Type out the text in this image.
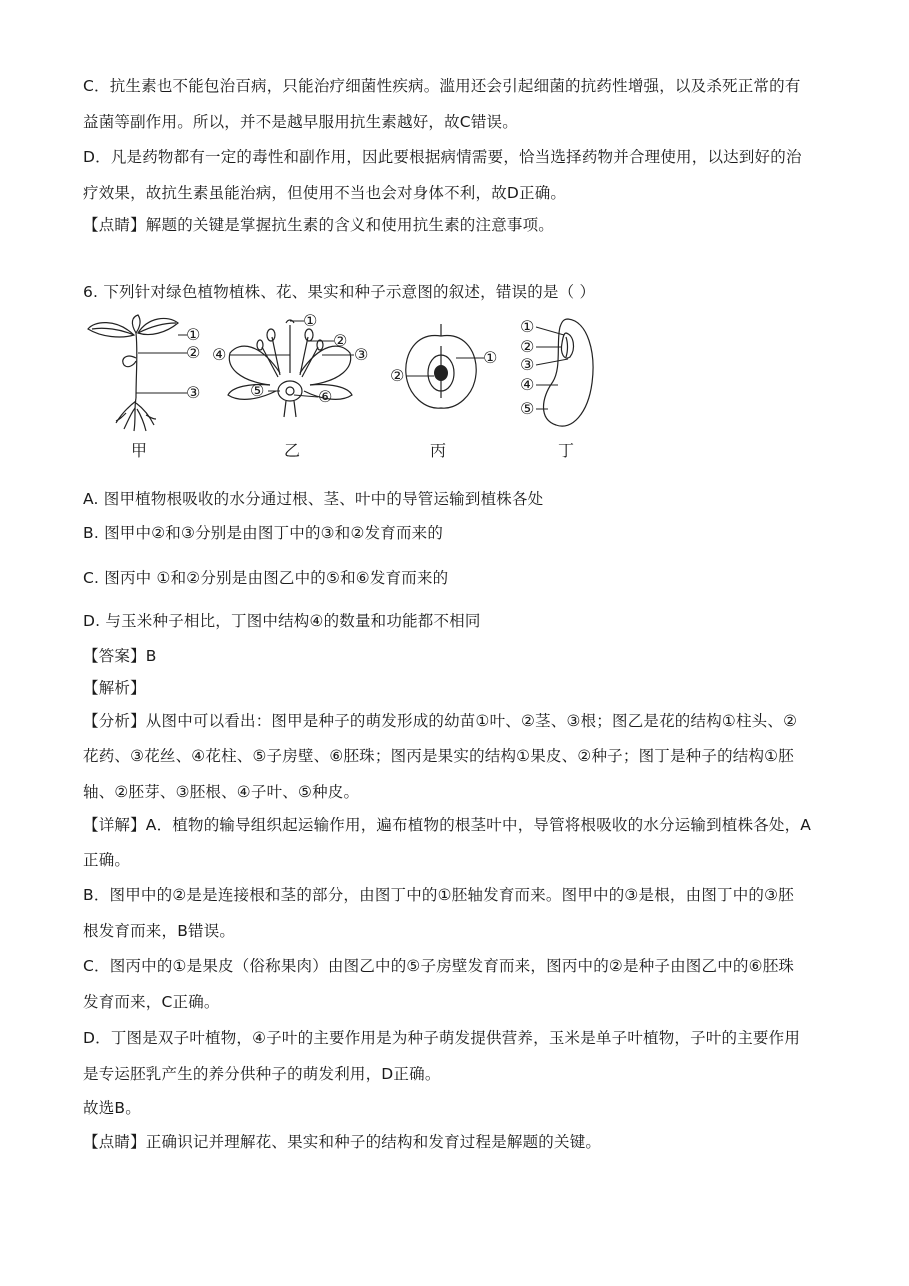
C．抗生素也不能包治百病，只能治疗细菌性疾病。滥用还会引起细菌的抗药性增强，以及杀死正常的有
益菌等副作用。所以，并不是越早服用抗生素越好，故C错误。
D．凡是药物都有一定的毒性和副作用，因此要根据病情需要，恰当选择药物并合理使用，以达到好的治
疗效果，故抗生素虽能治病，但使用不当也会对身体不利，故D正确。
【点睛】解题的关键是掌握抗生素的含义和使用抗生素的注意事项。
6. 下列针对绿色植物植株、花、果实和种子示意图的叙述，错误的是（ ）
①
②
③
甲
①
②
③
④
⑤	⑥
乙
①
②
丙
①
②
③
④
⑤
丁
A. 图甲植物根吸收的水分通过根、茎、叶中的导管运输到植株各处
B. 图甲中②和③分别是由图丁中的③和②发育而来的
C. 图丙中 ①和②分别是由图乙中的⑤和⑥发育而来的
D. 与玉米种子相比，丁图中结构④的数量和功能都不相同
【答案】B
【解析】
【分析】从图中可以看出：图甲是种子的萌发形成的幼苗①叶、②茎、③根；图乙是花的结构①柱头、②
花药、③花丝、④花柱、⑤子房壁、⑥胚珠；图丙是果实的结构①果皮、②种子；图丁是种子的结构①胚
轴、②胚芽、③胚根、④子叶、⑤种皮。
【详解】A．植物的输导组织起运输作用，遍布植物的根茎叶中，导管将根吸收的水分运输到植株各处，A
正确。
B．图甲中的②是是连接根和茎的部分，由图丁中的①胚轴发育而来。图甲中的③是根，由图丁中的③胚
根发育而来，B错误。
C．图丙中的①是果皮（俗称果肉）由图乙中的⑤子房壁发育而来，图丙中的②是种子由图乙中的⑥胚珠
发育而来，C正确。
D．丁图是双子叶植物，④子叶的主要作用是为种子萌发提供营养，玉米是单子叶植物，子叶的主要作用
是专运胚乳产生的养分供种子的萌发利用，D正确。
故选B。
【点睛】正确识记并理解花、果实和种子的结构和发育过程是解题的关键。
